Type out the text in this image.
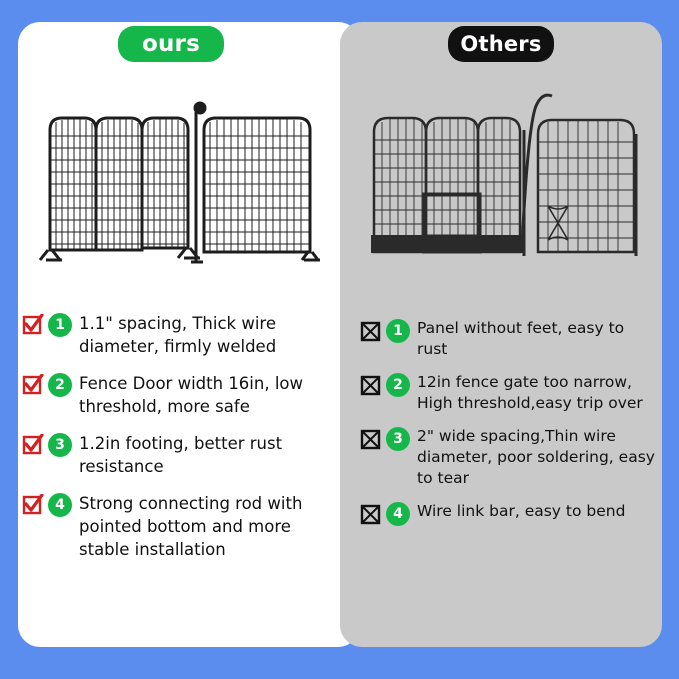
ours	Others
1 1.1" spacing, Thick wire diameter, firmly welded
2 Fence Door width 16in, low threshold, more safe
3 1.2in footing, better rust resistance
4 Strong connecting rod with pointed bottom and more stable installation
1 Panel without feet, easy to rust
2 12in fence gate too narrow, High threshold,easy trip over
3 2" wide spacing,Thin wire diameter, poor soldering, easy to tear
4 Wire link bar, easy to bend
